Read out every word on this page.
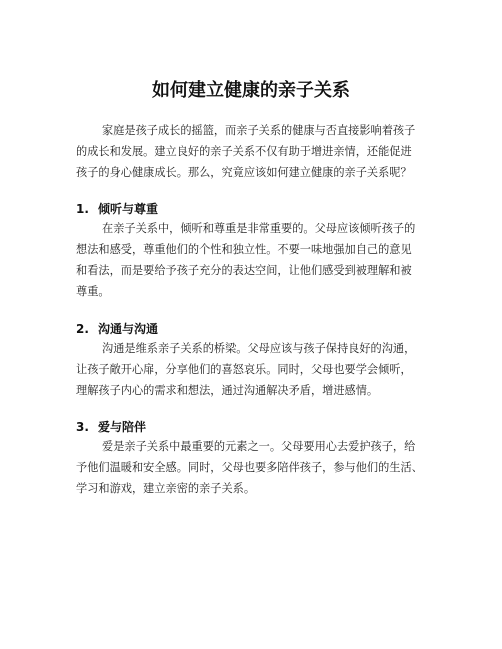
如何建立健康的亲子关系

家庭是孩子成长的摇篮，而亲子关系的健康与否直接影响着孩子
的成长和发展。建立良好的亲子关系不仅有助于增进亲情，还能促进
孩子的身心健康成长。那么，究竟应该如何建立健康的亲子关系呢？

1. 倾听与尊重

在亲子关系中，倾听和尊重是非常重要的。父母应该倾听孩子的
想法和感受，尊重他们的个性和独立性。不要一味地强加自己的意见
和看法，而是要给予孩子充分的表达空间，让他们感受到被理解和被
尊重。

2. 沟通与沟通

沟通是维系亲子关系的桥梁。父母应该与孩子保持良好的沟通，
让孩子敞开心扉，分享他们的喜怒哀乐。同时，父母也要学会倾听，
理解孩子内心的需求和想法，通过沟通解决矛盾，增进感情。

3. 爱与陪伴

爱是亲子关系中最重要的元素之一。父母要用心去爱护孩子，给
予他们温暖和安全感。同时，父母也要多陪伴孩子，参与他们的生活、
学习和游戏，建立亲密的亲子关系。
